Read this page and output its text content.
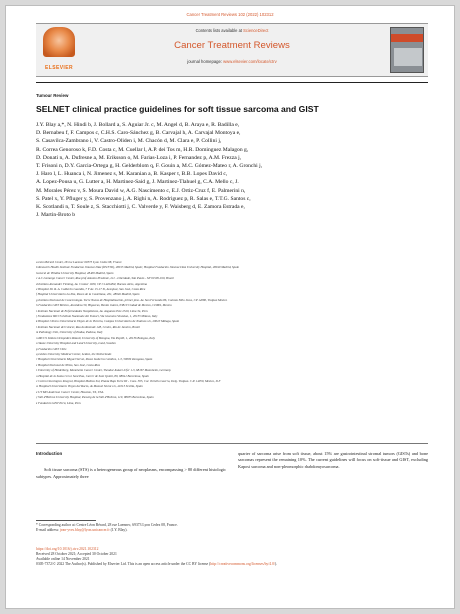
Cancer Treatment Reviews 102 (2022) 102312
ELSEVIER
Contents lists available at ScienceDirect
Cancer Treatment Reviews
journal homepage: www.elsevier.com/locate/ctrv
Tumour Review
SELNET clinical practice guidelines for soft tissue sarcoma and GIST

J.Y. Blay a,*, N. Hindi b, J. Bollard a, S. Aguiar Jr. c, M. Angel d, B. Araya e, R. Badilla e,

D. Bernabeu f, F. Campos c, C.H.S. Caro-Sánchez g, B. Carvajal h, A. Carvajal Montoya e,

S. Casavilca-Zambrano i, V. Castro-Oliden i, M. Chacón d, M. Clara e, P. Collini j,

R. Correa Genoroso k, F.D. Costa c, M. Cuellar l, A.P. dei Tos m, H.R. Dominguez Malagon g,

D. Donati n, A. Dufresne a, M. Eriksson o, M. Farias-Loza i, P. Fernandez p, A.M. Frezza j,

T. Frisoni n, D.Y. Garcia-Ortega g, H. Gelderblom q, F. Gouin a, M.C. Gómez-Mateo r, A. Gronchi j,

J. Haro l, L. Huanca i, N. Jimenez s, M. Karanian a, B. Kasper t, B.B. Lopes David c,

A. Lopez-Pousa u, G. Lutter a, H. Martinez-Said g, J. Martinez-Tlahuel g, C.A. Mello c, J.

M. Morales Pérez v, S. Moura David w, A.G. Nascimento c, E.J. Ortiz-Cruz f, E. Palmerini n,

S. Patel x, Y. Pfluger y, S. Provenzano j, A. Righi n, A. Rodriguez p, R. Salas e, T.T.G. Santos c,

K. Scotlandi n, T. Soule z, S. Stacchiotti j, C. Valverde y, F. Waisberg d, E. Zamora Estrada e,

J. Martin-Broto b

a Léon Bérard Center, 28 rue Laennec 69373 Lyon Cedex 08, France

b Research Health Institute Fundacion Jimenez Diaz (IIS/FJD), 28015 Madrid, Spain; Hospital Fundación Jimenez Diaz University Hospital, 28040 Madrid, Spain

General de Villalba University Hospital, 28400 Madrid, Spain

c A.C.Camargo Cancer Center, Rua prof Antonio Prudente, 211 - Liberdade, São Paulo - SP 01509-010, Brazil

d Instituto Alexander Fleming, Av. Cramer 1180, CP C1426ANZ, Buenos Aires, Argentina

e Hospital Dr. R. A. Calderón Guardia, 7 Y Av. 15-17 St, Aranjuez, San José, Costa Rica

f Hospital Universitario La Paz, Paseo de la Castellana, 261, 28046 Madrid, Spain

g Instituto Nacional de Cancerología. Torre Nueva de Hospitalización, primer piso. Av. San Fernando 86, Colonia Niño Jesus, CP 14080, Tlalpan Mexico

h Fundación GIST México, Alcaldesa 59, Higueras, Benito Juárez, 03810 Ciudad de Mexico, CDMX, Mexico

i Instituto Nacional de Enfermedades Neoplásicas, Av. Angamos Este 2520, Lima 34, Peru

j Fondazione IRCCS Istituto Nazionale dei Tumori, Via Giacomo Venezian, 1, 20133 Milano, Italy

k Hospital Clínico Universitario Virgen de la Victoria, Campus Universitario de Teatinos s/n, 29010 Málaga, Spain

l Instituto Nacional del Cáncer, Rua do Rezende 128, Centro, Rio de Janeiro, Brazil

m Pathology Unit, University of Padua, Padova, Italy

n IRCCS Istituto Ortopedico Rizzoli, University of Bologna, Via Pupilli, 1, 40136 Bologna, Italy

o Skane University Hospital and Lund University, Lund, Sweden

p Fundación GIST Chile

q Leiden University Medical Center, Leiden, the Netherlands

r Hospital Universitario Miguel Servet, Paseo Isabel la Católica, 1-3, 50009 Zaragoza, Spain

s Hospital Nacional de Niños, San José, Costa Rica

t University of Heidelberg, Mannheim Cancer Center, Theodor-Kutzer-Ufer 1-3, 68167 Mannheim, Germany

u Hospital de la Santa Creu i Sant Pau, Carrer de Sant Quintí, 89, 08041 Barcelona, Spain

v Centro Oncológico Integral, Hospital Medica Sur, Planta Baja Torre III - Cons. 305, Col. Toriello Guerra, Delg. Tlalpan. C.P. 14050, Mexico, D.F

w Hospital Universitario Virgen del Rocío, Av Manuel Siurot s/n, 41013 Sevilla, Spain

x UT MD Anderson Cancer Center, Houston, TX, USA

y Vall d'Hebron University Hospital, Passeig de la Vall d'Hebron, 119, 08035 Barcelona, Spain

z Fundación GIST Perú, Lima, Peru

Introduction

Soft tissue sarcoma (STS) is a heterogeneous group of neoplasms, encompassing > 80 different histologic subtypes. Approximately three

quarter of sarcoma arise from soft tissue, about 15% are gastrointestinal stromal tumors (GISTs) and bone sarcomas represent the remaining 10%. The current guidelines will focus on soft-tissue and GIST, excluding Kaposi sarcoma and non-pleomorphic rhabdomyosarcoma.

* Corresponding author at: Centre Léon Bérard, 28 rue Laennec, 69373 Lyon Cedex 08, France.

E-mail address: jean-yves.blay@lyon.unicancer.fr (J.Y. Blay).

https://doi.org/10.1016/j.ctrv.2021.102312

Received 28 October 2021; Accepted 30 October 2021

Available online 14 November 2021

0305-7372/© 2022 The Author(s). Published by Elsevier Ltd. This is an open access article under the CC BY license (http://creativecommons.org/licenses/by/4.0/).
